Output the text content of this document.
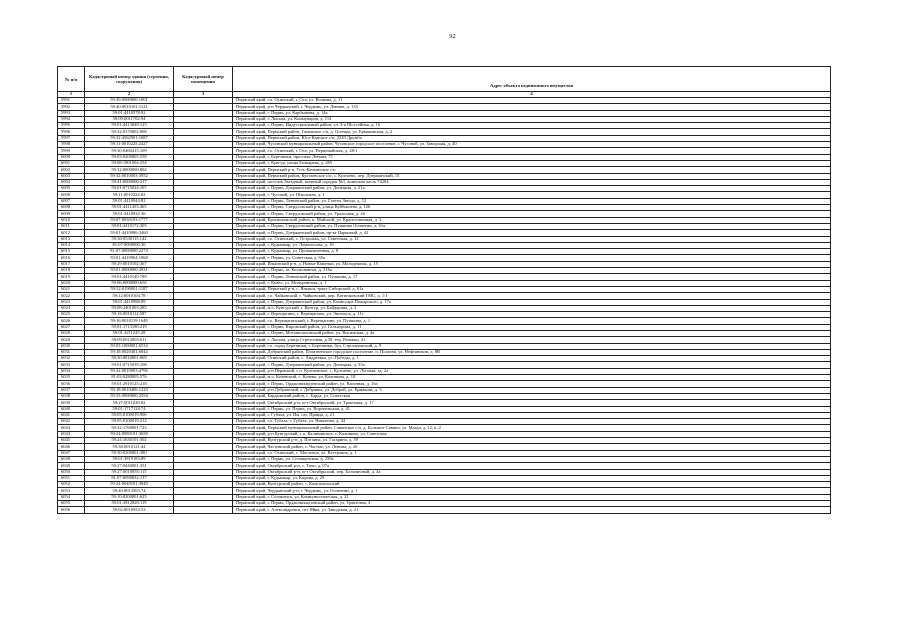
92
№ п/п	Кадастровый номер здания (строения, сооружения)	Кадастровый номер помещения	Адрес объекта недвижимого имущества
1	2	3	4
5991	59:30:0000000:1001		Пермский край, г.о. Осинский, г. Оса, ул. Волкова, д. 11
5992	59:40:0010101:1121		Пермский край, р-н Чердынский, г. Чердынь, ул. Ленина, д. 135
5993	59:01:4410578:92		Пермский край, г. Пермь, ул. Карбышева, д. 14а
5994	59:09:0011702:94		Пермский край, г. Лысьва, ул. Коммунаров, д. 114
5995	59:01:4413848:125		Пермский край, г. Пермь, Индустриальный район, ул. 3-я Шоссейная, д. 16
5996	59:32:0370002:068		Пермский край, Пермский район, Гамовское с/п, д. Осенцы, ул. Ермаковская, д. 2
5997	59:32:4562901:1687		Пермский край, Пермский район, Юго-Камское с/п, ДОЛ Дружба
5998	59:11:0010225:2427		Пермский край, Чусовской муниципальный район, Чусовское городское поселение, г. Чусовой, ул. Заводская, д. 40
5999	59:30:0460415:109		Пермский край, г.о. Осинский, г. Оса, ул. Первомайская, д. 28/1
6000	59:03:0200005:558		Пермский край, г. Березники, проспект Ленина, 71
6001	59:08:1901004:254		Пермский край, г. Кунгур, улица Бочкарева, д. 265
6002	59:32:0000000:802		Пермский край, Пермский р-н, Усть-Качкинское с/п
6003	59:32:0010003:3952		Пермский край, Пермский район, Култаевское с/п, с. Култаево, пер. Дзержинский, 15
6004	59:41:0000000:217		Пермский край, поселок Звездный, военный городок №1, воинская часть 74204
6005	59:01:0715024:107		Пермский край, г. Пермь, Дзержинский район, ул. Донецкая, д. 21а
6006	59:11:0010224:82		Пермский край, г. Чусовой, ул. Школьная, д. 1
6007	59:01:4410944:82		Пермский край, г. Пермь, Ленинский район, ул. Газеты Звезда, д. 12
6008	59:01:4411453:465		Пермский край, г. Пермь, Свердловский р-н, улица Куйбышева, д. 126
6009	59:01:4410932:36		Пермский край, г. Пермь, Свердловский район, ул. Уральская, д. 26
6010	59:07:0030103:1777		Пермский край, Краснокамский район, п. Майский, ул. Краснознамная, д. 3
6011	59:01:4410172:305		Пермский край, г. Пермь, Свердловский район, ул. Пушкина Осипенко, д. 61а
6012	59:01:4410986:3460		Пермский край, г. Пермь, Дзержинский район, пр-кт Парковый, д. 42
6013	59:30:0530115:142		Пермский край, г.о. Осинский, с. Острожка, ул. Советская, д. 12
6014	81:07:0000000:36		Пермский край, г. Кудымкар, ул. Ломоносова, д. 16
6015	81:07:0000000:2274		Пермский край, г. Кудымкар, ул. Промышленная, д. 8
6016	59:01:4410964:1068		Пермский край, г. Пермь, ул. Советская, д. 65а
6017	59:29:0010102:367		Пермский край, Ильинский р-н, д. Новые Каменки, ул. Молодежная, д. 15
6018	59:01:0000000:4931		Пермский край, г. Пермь, ш. Космонавтов, д. 316а
6019	59:01:4410140:789		Пермский край, г. Пермь, Ленинский район, ул. Пушкина, д. 17
6020	59:06:0000000:656		Пермский край, г. Кизел, ул. Мичуринская, д. 1
6021	59:32:0190001:1187		Пермский край, Пермский р-н, с. Яныши, тракт Сибирский, д. 61а
6022	59:12:0010104:78		Пермский край, г.о. Чайковский, г. Чайковский, пер. Вотинцовский ГМС, д. 1/1
6023	59:01:4410988:89		Пермский край, г. Пермь, Дзержинский район, ул. Комиссара Пожарского, д. 17а
6024	59:08:2401003:285		Пермский край, м.о. Кунгурский, г. Кунгур, ул. Байдарина, д. 2
6025	59:16:0010112:587		Пермский край, г. Верещагино, г. Верещагино, ул. Энгельса, д. 11г
6026	59:16:0010119:1648		Пермский край, г.о. Верещагинский, г. Верещагино, ул. Пушкина, д. 1
6027	59:01:1713180:219		Пермский край, г. Пермь, Кировский район, ул. Гальперина, д. 11
6028	59:01:4211245:28		Пермский край, г. Пермь, Мотовилихинский район, ул. Висимская, д. 4а
6029	59:09:0013003:611		Пермский край, г. Лысьва, улица Стрелочная, д.39, тер. Реммаш, 41
6030	59:03:1000001:6534		Пермский край, г.о. город Березники, г. Березники, бул. Строгановский, д. 9
6031	59:18:0020401:6044		Пермский край, Добрянский район, Полазненское городское поселение, п. Полазна, ул. Нефтяников, д. 8В
6032	59:30:0810001:969		Пермский край, Осинский район, с. Андреевка, ул. Победы, д. 1
6033	59:01:0715039:108		Пермский край, г. Пермь, Дзержинский район, ул. Донецкая, д. 33а
6034	59:32:0010003:4796		Пермский край, р-н Пермский, с.п. Култаевское, с. Култаево, ул. Луговая, зд. 2а
6035	81:03:0280005:576		Пермский край, м.о. Кочевский, с. Кочево, ул. Калинина, д. 10
6036	59:01:2910125:218		Пермский край, г. Пермь, Орджоникидзевский район, ул. Вагонная, д. 16а
6037	59:18:0010406:1223		Пермский край, р-н Добрянский, г. Добрянка, ул. Доброй, ул. Ермакова, д. 3
6038	59:33:0000000:2554		Пермский край, Бардымский район, с. Барда, ул. Советская
6039	59:27:0011020:82		Пермский край, Октябрьский р-н, пгт Октябрьский, ул. Трактовая, д. 17
6040	59:01:1717124:74		Пермский край, г. Пермь, ул. Пермь, ул. Воронежская, д. 41
6041	59:05:0100019:906		Пермский край, г. Губаха, ул. Им. газ. Правда, д. 21
6042	59:05:0100019:212		Пермский край, г.о. Губаха, г. Губаха, ул. Никонова, д. 44
6043	59:32:1760001:723		Пермский край, Пермский муниципальный район, Савинское с/п, д. Большое Савино, ул. Мазда, д. 12, к. 2
6044	59:24:0080101:3658		Пермский край, р-н Кунгурский, с.п. Калининское, с. Калинино, ул. Советская
6045	59:24:1630101:502		Пермский край, Кунгурский р-н, д. Потаина, ул. Гагарина, д. 59
6046	59:38:0010121:44		Пермский край, Частинский район, с. Частые, ул. Ленина, д. 26
6047	59:30:0200001:380		Пермский край, г.о. Осинский, с. Мостовое, ул. Ветеранов, д. 1
6048	59:01:3919183:89		Пермский край, г. Пермь, ул. Селищенская, д. 250а
6049	59:27:0440001:351		Пермский край, Октябрьский р-н, с. Тюш, д. 07а
6050	59:27:0010055:115		Пермский край, Октябрьский р-н, пгт Октябрьский, пер. Больничный, д. 4а
6051	81:07:0090032:137		Пермский край, г. Кудымкар, ул. Кирова, д. 29
6052	59:24:0040101:3949		Пермский край, Кунгурский район, с. Комсомольский
6053	59:40:0013503:74		Пермский край, Чердынский р-н, г. Чердынь, ул. Осипенко, д. 1
6054	59:10:0200001:625		Пермский край, г. Соликамск, ул. Коммунистическая, д. 21
6055	59:01:3812820:119		Пермский край, г. Пермь, Орджоникидзевский район, ул. Трактовая, 4
6056	59:02:0010953:53		Пермский край, г. Александровск, пгт Яйва, ул. Заводская, д. 21
